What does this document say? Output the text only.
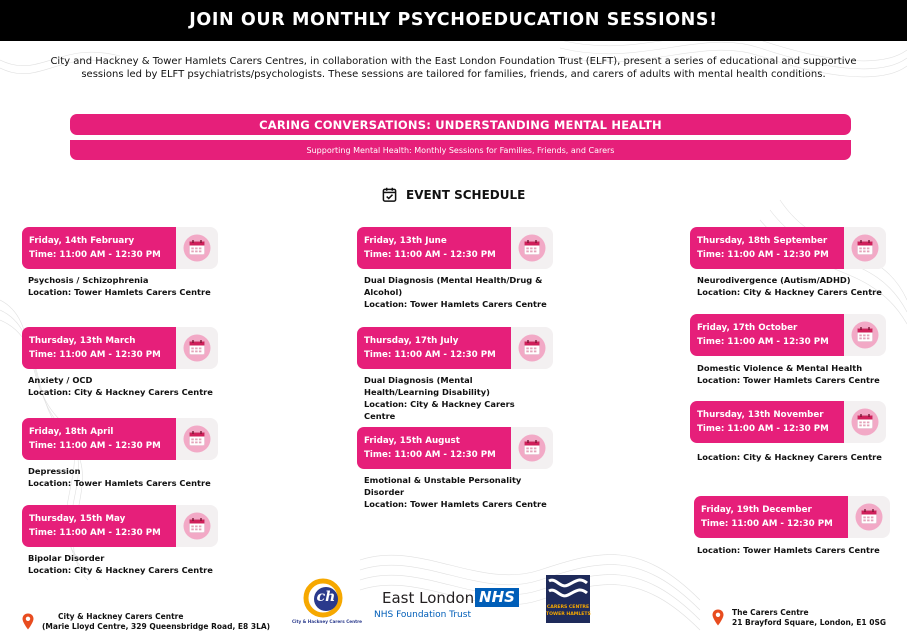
JOIN OUR MONTHLY PSYCHOEDUCATION SESSIONS!
City and Hackney & Tower Hamlets Carers Centres, in collaboration with the East London Foundation Trust (ELFT), present a series of educational and supportive sessions led by ELFT psychiatrists/psychologists. These sessions are tailored for families, friends, and carers of adults with mental health conditions.
CARING CONVERSATIONS: UNDERSTANDING MENTAL HEALTH
Supporting Mental Health: Monthly Sessions for Families, Friends, and Carers
EVENT SCHEDULE
Friday, 14th February
Time: 11:00 AM - 12:30 PM
Psychosis / Schizophrenia
Location: Tower Hamlets Carers Centre
Thursday, 13th March
Time: 11:00 AM - 12:30 PM
Anxiety / OCD
Location: City & Hackney Carers Centre
Friday, 18th April
Time: 11:00 AM - 12:30 PM
Depression
Location: Tower Hamlets Carers Centre
Thursday, 15th May
Time: 11:00 AM - 12:30 PM
Bipolar Disorder
Location: City & Hackney Carers Centre
Friday, 13th June
Time: 11:00 AM - 12:30 PM
Dual Diagnosis (Mental Health/Drug & Alcohol)
Location: Tower Hamlets Carers Centre
Thursday, 17th July
Time: 11:00 AM - 12:30 PM
Dual Diagnosis (Mental Health/Learning Disability)
Location: City & Hackney Carers Centre
Friday, 15th August
Time: 11:00 AM - 12:30 PM
Emotional & Unstable Personality Disorder
Location: Tower Hamlets Carers Centre
Thursday, 18th September
Time: 11:00 AM - 12:30 PM
Neurodivergence (Autism/ADHD)
Location: City & Hackney Carers Centre
Friday, 17th October
Time: 11:00 AM - 12:30 PM
Domestic Violence & Mental Health
Location: Tower Hamlets Carers Centre
Thursday, 13th November
Time: 11:00 AM - 12:30 PM
Location: City & Hackney Carers Centre
Friday, 19th December
Time: 11:00 AM - 12:30 PM
Location: Tower Hamlets Carers Centre
City & Hackney Carers Centre
(Marie Lloyd Centre, 329 Queensbridge Road, E8 3LA)
The Carers Centre
21 Brayford Square, London, E1 0SG
ch
City & Hackney Carers Centre
East London NHS
NHS Foundation Trust
CARERS CENTRE
TOWER HAMLETS
